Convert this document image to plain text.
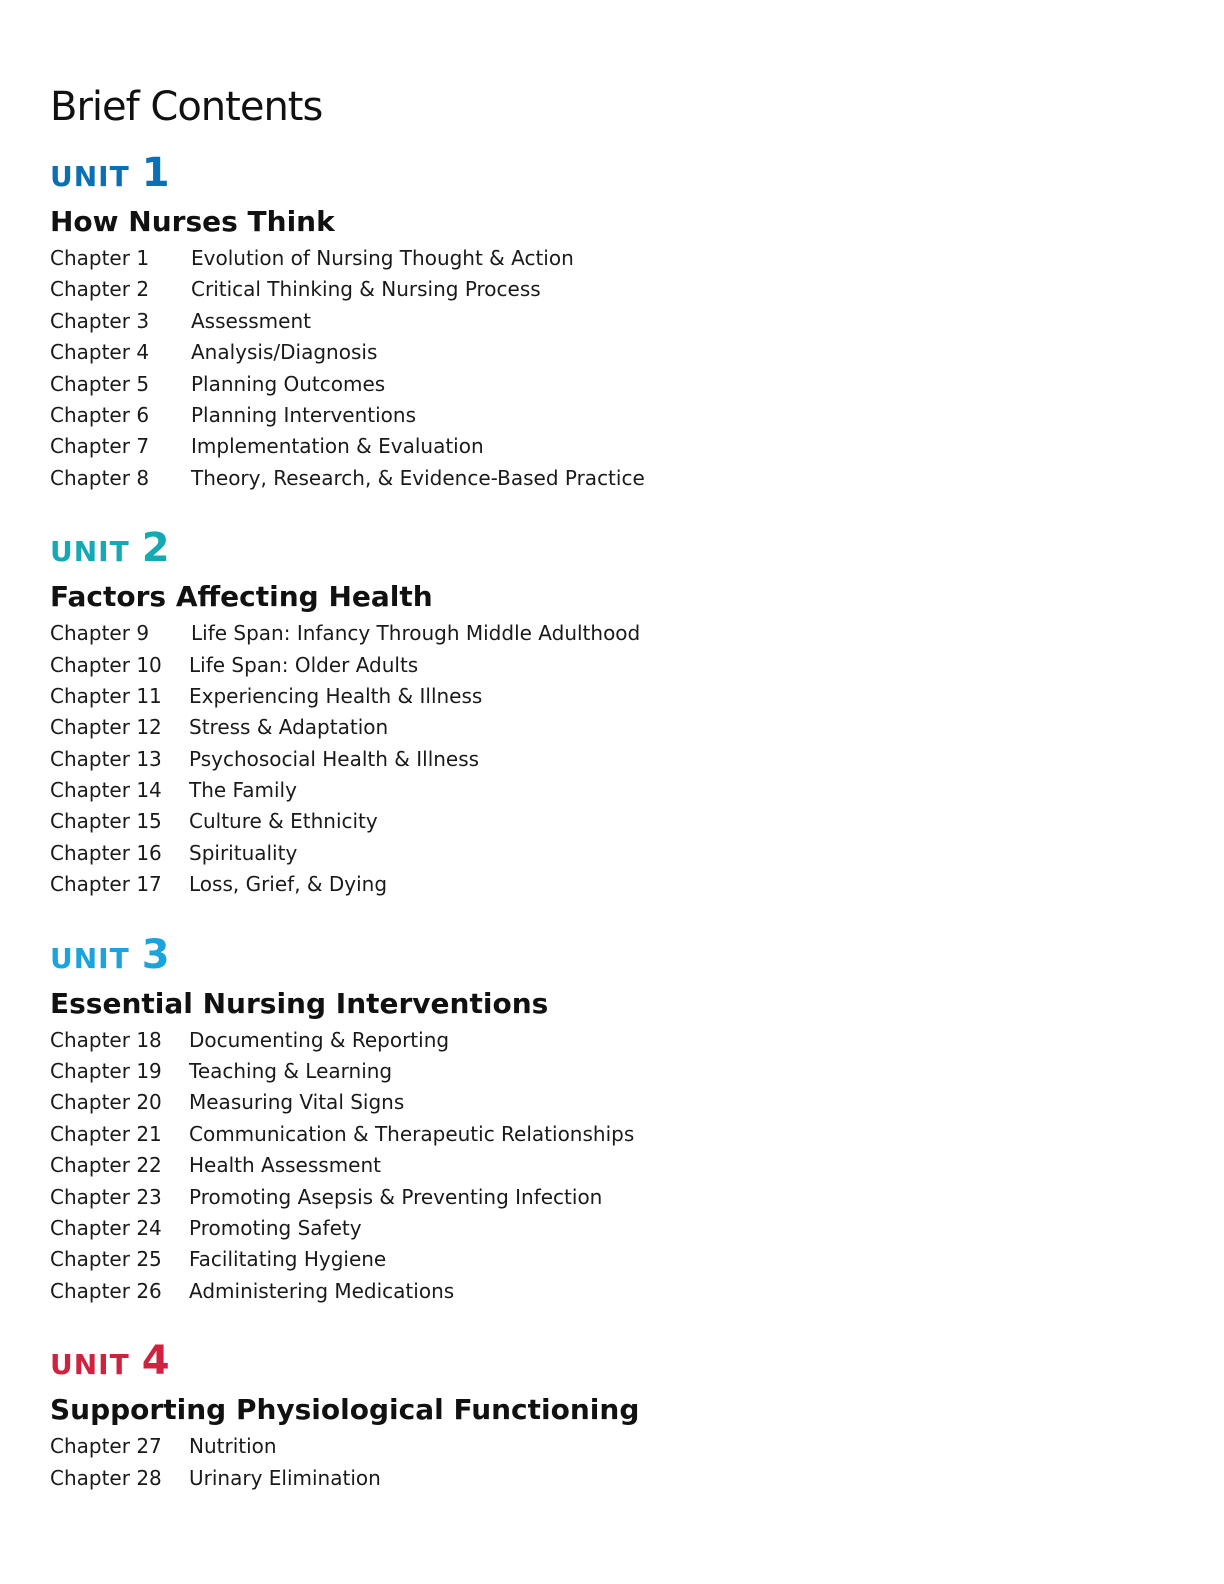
Brief Contents
UNIT 1
How Nurses Think
Chapter 1	Evolution of Nursing Thought & Action
Chapter 2	Critical Thinking & Nursing Process
Chapter 3	Assessment
Chapter 4	Analysis/Diagnosis
Chapter 5	Planning Outcomes
Chapter 6	Planning Interventions
Chapter 7	Implementation & Evaluation
Chapter 8	Theory, Research, & Evidence-Based Practice
UNIT 2
Factors Affecting Health
Chapter 9	Life Span: Infancy Through Middle Adulthood
Chapter 10	Life Span: Older Adults
Chapter 11	Experiencing Health & Illness
Chapter 12	Stress & Adaptation
Chapter 13	Psychosocial Health & Illness
Chapter 14	The Family
Chapter 15	Culture & Ethnicity
Chapter 16	Spirituality
Chapter 17	Loss, Grief, & Dying
UNIT 3
Essential Nursing Interventions
Chapter 18	Documenting & Reporting
Chapter 19	Teaching & Learning
Chapter 20	Measuring Vital Signs
Chapter 21	Communication & Therapeutic Relationships
Chapter 22	Health Assessment
Chapter 23	Promoting Asepsis & Preventing Infection
Chapter 24	Promoting Safety
Chapter 25	Facilitating Hygiene
Chapter 26	Administering Medications
UNIT 4
Supporting Physiological Functioning
Chapter 27	Nutrition
Chapter 28	Urinary Elimination
